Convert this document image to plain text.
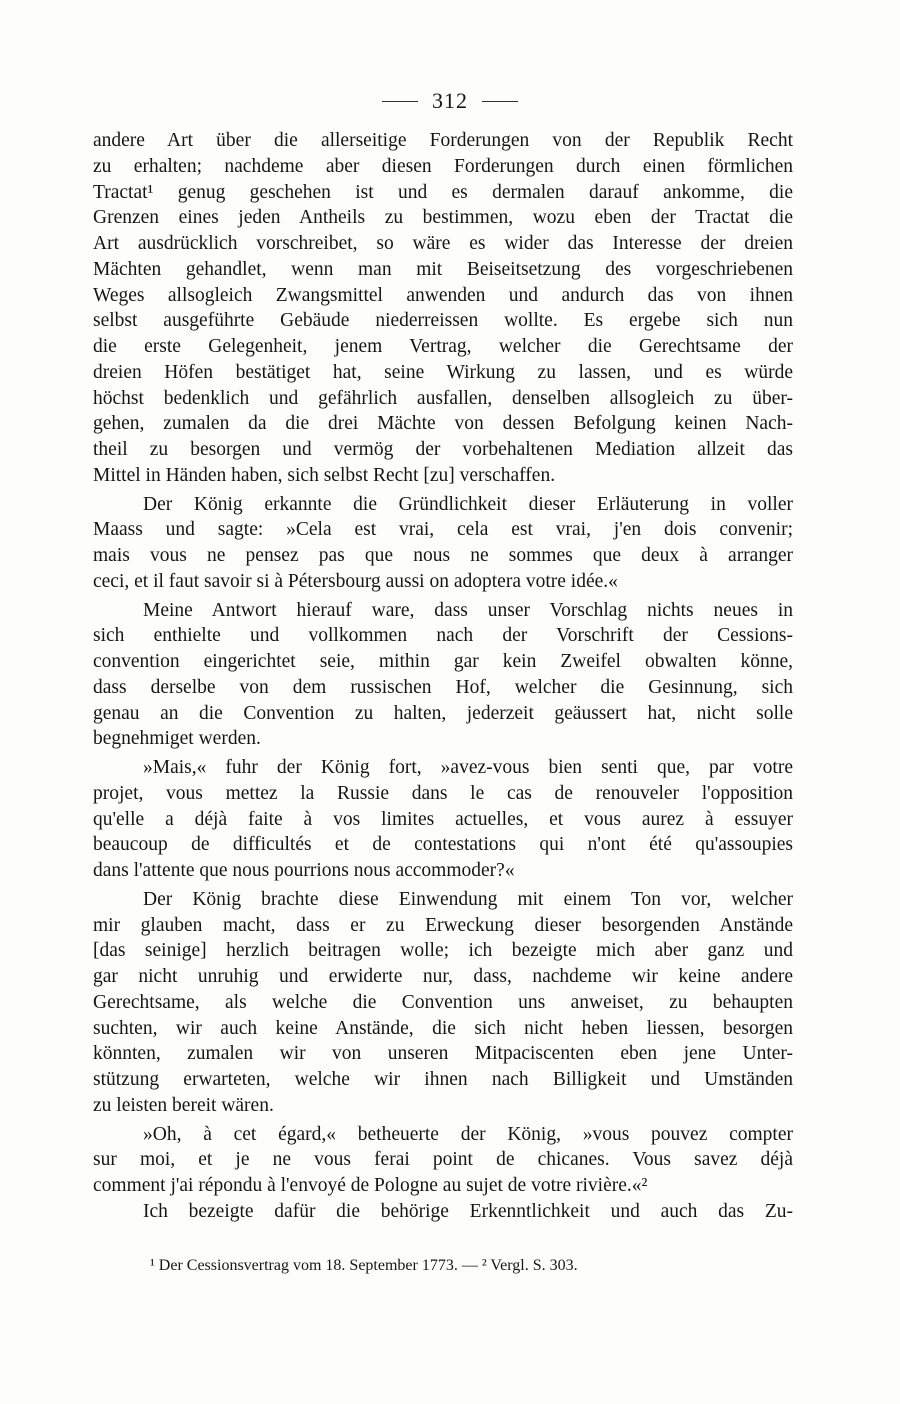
312
andere Art über die allerseitige Forderungen von der Republik Recht
zu erhalten; nachdeme aber diesen Forderungen durch einen förmlichen
Tractat¹ genug geschehen ist und es dermalen darauf ankomme, die
Grenzen eines jeden Antheils zu bestimmen, wozu eben der Tractat die
Art ausdrücklich vorschreibet, so wäre es wider das Interesse der dreien
Mächten gehandlet, wenn man mit Beiseitsetzung des vorgeschriebenen
Weges allsogleich Zwangsmittel anwenden und andurch das von ihnen
selbst ausgeführte Gebäude niederreissen wollte. Es ergebe sich nun
die erste Gelegenheit, jenem Vertrag, welcher die Gerechtsame der
dreien Höfen bestätiget hat, seine Wirkung zu lassen, und es würde
höchst bedenklich und gefährlich ausfallen, denselben allsogleich zu über-
gehen, zumalen da die drei Mächte von dessen Befolgung keinen Nach-
theil zu besorgen und vermög der vorbehaltenen Mediation allzeit das
Mittel in Händen haben, sich selbst Recht [zu] verschaffen.
Der König erkannte die Gründlichkeit dieser Erläuterung in voller
Maass und sagte: »Cela est vrai, cela est vrai, j'en dois convenir;
mais vous ne pensez pas que nous ne sommes que deux à arranger
ceci, et il faut savoir si à Pétersbourg aussi on adoptera votre idée.«
Meine Antwort hierauf ware, dass unser Vorschlag nichts neues in
sich enthielte und vollkommen nach der Vorschrift der Cessions-
convention eingerichtet seie, mithin gar kein Zweifel obwalten könne,
dass derselbe von dem russischen Hof, welcher die Gesinnung, sich
genau an die Convention zu halten, jederzeit geäussert hat, nicht solle
begnehmiget werden.
»Mais,« fuhr der König fort, »avez-vous bien senti que, par votre
projet, vous mettez la Russie dans le cas de renouveler l'opposition
qu'elle a déjà faite à vos limites actuelles, et vous aurez à essuyer
beaucoup de difficultés et de contestations qui n'ont été qu'assoupies
dans l'attente que nous pourrions nous accommoder?«
Der König brachte diese Einwendung mit einem Ton vor, welcher
mir glauben macht, dass er zu Erweckung dieser besorgenden Anstände
[das seinige] herzlich beitragen wolle; ich bezeigte mich aber ganz und
gar nicht unruhig und erwiderte nur, dass, nachdeme wir keine andere
Gerechtsame, als welche die Convention uns anweiset, zu behaupten
suchten, wir auch keine Anstände, die sich nicht heben liessen, besorgen
könnten, zumalen wir von unseren Mitpaciscenten eben jene Unter-
stützung erwarteten, welche wir ihnen nach Billigkeit und Umständen
zu leisten bereit wären.
»Oh, à cet égard,« betheuerte der König, »vous pouvez compter
sur moi, et je ne vous ferai point de chicanes. Vous savez déjà
comment j'ai répondu à l'envoyé de Pologne au sujet de votre rivière.«²
Ich bezeigte dafür die behörige Erkenntlichkeit und auch das Zu-
¹ Der Cessionsvertrag vom 18. September 1773. — ² Vergl. S. 303.
